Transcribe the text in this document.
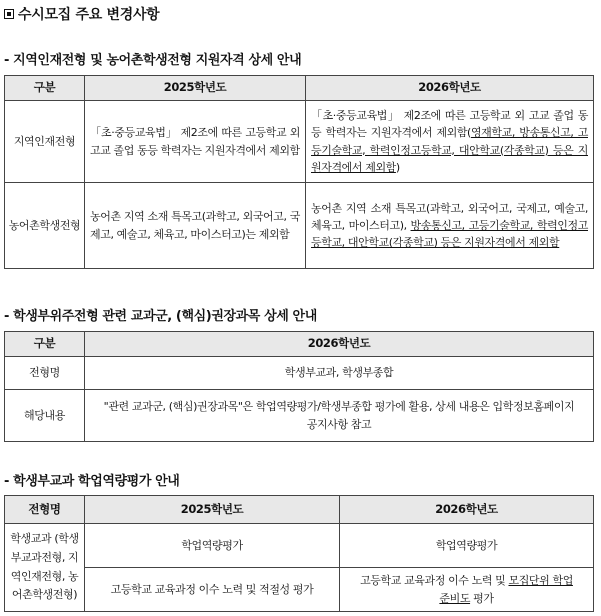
수시모집 주요 변경사항
- 지역인재전형 및 농어촌학생전형 지원자격 상세 안내
구분	2025학년도	2026학년도
지역인재전형	「초·중등교육법」 제2조에 따른 고등학교 외 고교 졸업 동등 학력자는 지원자격에서 제외함	「초·중등교육법」 제2조에 따른 고등학교 외 고교 졸업 동등 학력자는 지원자격에서 제외함(영재학교, 방송통신고, 고등기술학교, 학력인정고등학교, 대안학교(각종학교) 등은 지원자격에서 제외함)
농어촌학생전형	농어촌 지역 소재 특목고(과학고, 외국어고, 국제고, 예술고, 체육고, 마이스터고)는 제외함	농어촌 지역 소재 특목고(과학고, 외국어고, 국제고, 예술고, 체육고, 마이스터고), 방송통신고, 고등기술학교, 학력인정고등학교, 대안학교(각종학교) 등은 지원자격에서 제외함
- 학생부위주전형 관련 교과군, (핵심)권장과목 상세 안내
구분	2026학년도
전형명	학생부교과, 학생부종합
해당내용	"관련 교과군, (핵심)권장과목"은 학업역량평가/학생부종합 평가에 활용, 상세 내용은 입학정보홈페이지 공지사항 참고
- 학생부교과 학업역량평가 안내
전형명	2025학년도	2026학년도
학생교과 (학생부교과전형, 지역인재전형, 농어촌학생전형)	학업역량평가	학업역량평가
	고등학교 교육과정 이수 노력 및 적절성 평가	고등학교 교육과정 이수 노력 및 모집단위 학업준비도 평가
